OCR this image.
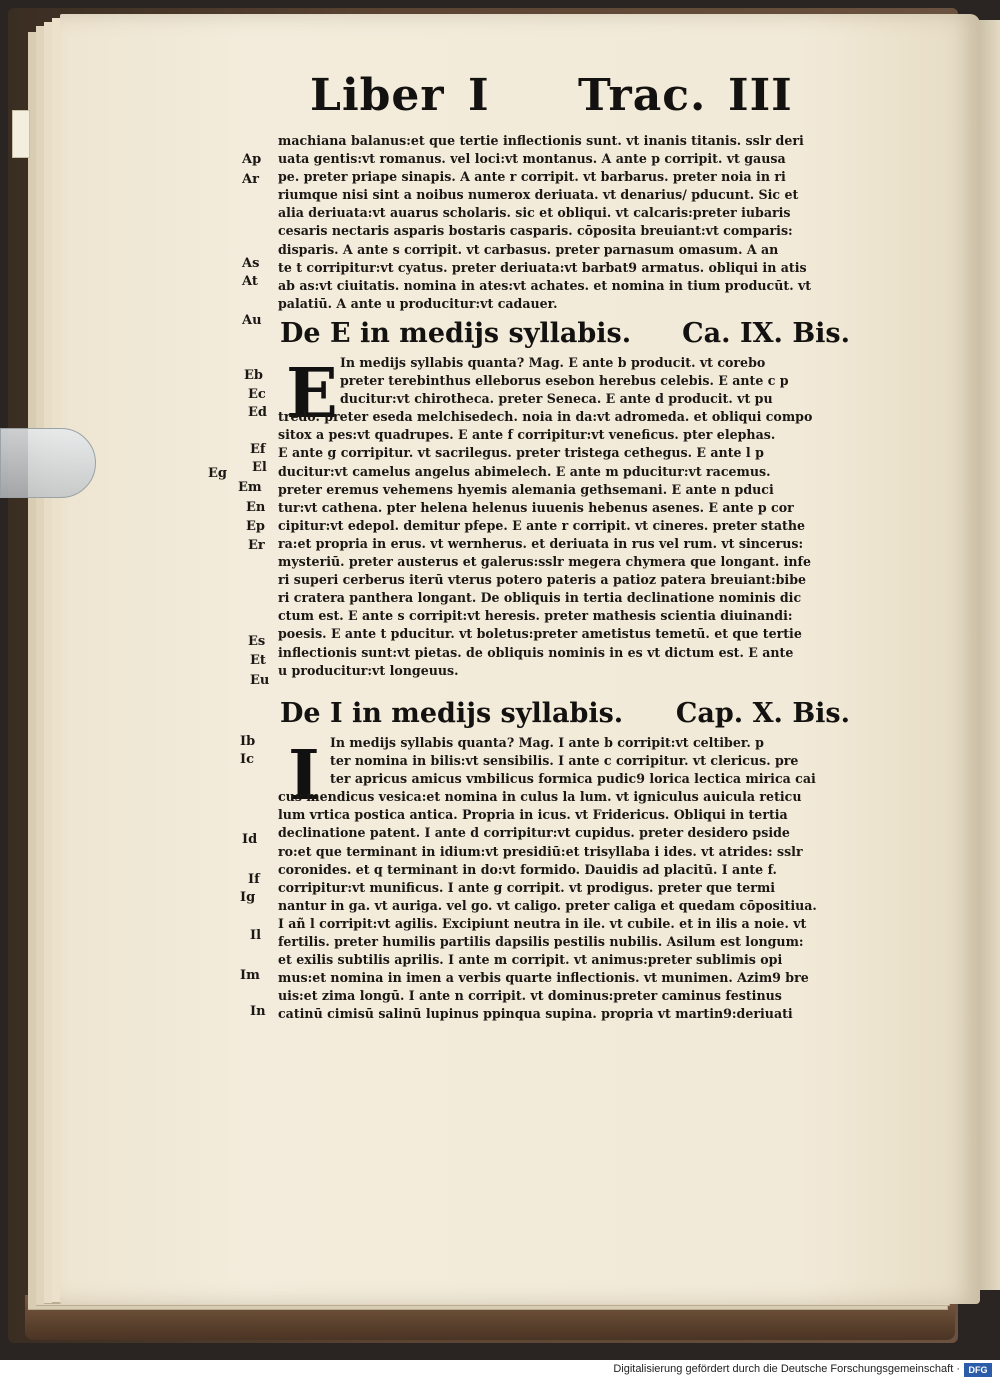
Liber I Trac. III
machiana balanus:et que tertie inflectionis sunt. vt inanis titanis. sslr deri
uata gentis:vt romanus. vel loci:vt montanus. A ante p corripit. vt gausa
pe. preter priape sinapis. A ante r corripit. vt barbarus. preter noia in ri
riumque nisi sint a noibus numerox deriuata. vt denarius/ pducunt. Sic et
alia deriuata:vt auarus scholaris. sic et obliqui. vt calcaris:preter iubaris
cesaris nectaris asparis bostaris casparis. cōposita breuiant:vt comparis:
disparis. A ante s corripit. vt carbasus. preter parnasum omasum. A an
te t corripitur:vt cyatus. preter deriuata:vt barbat9 armatus. obliqui in atis
ab as:vt ciuitatis. nomina in ates:vt achates. et nomina in tium producūt. vt
palatiū. A ante u producitur:vt cadauer.
De E in medijs syllabis. Ca. IX. Bis.
E In medijs syllabis quanta? Mag. E ante b producit. vt corebo
preter terebinthus elleborus esebon herebus celebis. E ante c p
ducitur:vt chirotheca. preter Seneca. E ante d producit. vt pu
tredo. preter eseda melchisedech. noia in da:vt adromeda. et obliqui compo
sitox a pes:vt quadrupes. E ante f corripitur:vt veneficus. pter elephas.
E ante g corripitur. vt sacrilegus. preter tristega cethegus. E ante l p
ducitur:vt camelus angelus abimelech. E ante m pducitur:vt racemus.
preter eremus vehemens hyemis alemania gethsemani. E ante n pduci
tur:vt cathena. pter helena helenus iuuenis hebenus asenes. E ante p cor
cipitur:vt edepol. demitur pfepe. E ante r corripit. vt cineres. preter stathe
ra:et propria in erus. vt wernherus. et deriuata in rus vel rum. vt sincerus:
mysteriū. preter austerus et galerus:sslr megera chymera que longant. infe
ri superi cerberus iterū vterus potero pateris a patioz patera breuiant:bibe
ri cratera panthera longant. De obliquis in tertia declinatione nominis dic
ctum est. E ante s corripit:vt heresis. preter mathesis scientia diuinandi:
poesis. E ante t pducitur. vt boletus:preter ametistus temetū. et que tertie
inflectionis sunt:vt pietas. de obliquis nominis in es vt dictum est. E ante
u producitur:vt longeuus.
De I in medijs syllabis. Cap. X. Bis.
I In medijs syllabis quanta? Mag. I ante b corripit:vt celtiber. p
ter nomina in bilis:vt sensibilis. I ante c corripitur. vt clericus. pre
ter apricus amicus vmbilicus formica pudic9 lorica lectica mirica cai
cus mendicus vesica:et nomina in culus la lum. vt igniculus auicula reticu
lum vrtica postica antica. Propria in icus. vt Fridericus. Obliqui in tertia
declinatione patent. I ante d corripitur:vt cupidus. preter desidero pside
ro:et que terminant in idium:vt presidiū:et trisyllaba i ides. vt atrides: sslr
coronides. et q terminant in do:vt formido. Dauidis ad placitū. I ante f.
corripitur:vt munificus. I ante g corripit. vt prodigus. preter que termi
nantur in ga. vt auriga. vel go. vt caligo. preter caliga et quedam cōpositiua.
I añ l corripit:vt agilis. Excipiunt neutra in ile. vt cubile. et in ilis a noie. vt
fertilis. preter humilis partilis dapsilis pestilis nubilis. Asilum est longum:
et exilis subtilis aprilis. I ante m corripit. vt animus:preter sublimis opi
mus:et nomina in imen a verbis quarte inflectionis. vt munimen. Azim9 bre
uis:et zima longū. I ante n corripit. vt dominus:preter caminus festinus
catinū cimisū salinū lupinus ppinqua supina. propria vt martin9:deriuati
Ap
Ar
As
At
Au
Eb
Ec
Ed
Ef
El
Eg
Em
En
Ep
Er
Es
Et
Eu
Ib
Ic
Id
If
Ig
Il
Im
In
Digitalisierung gefördert durch die Deutsche Forschungsgemeinschaft · DFG
